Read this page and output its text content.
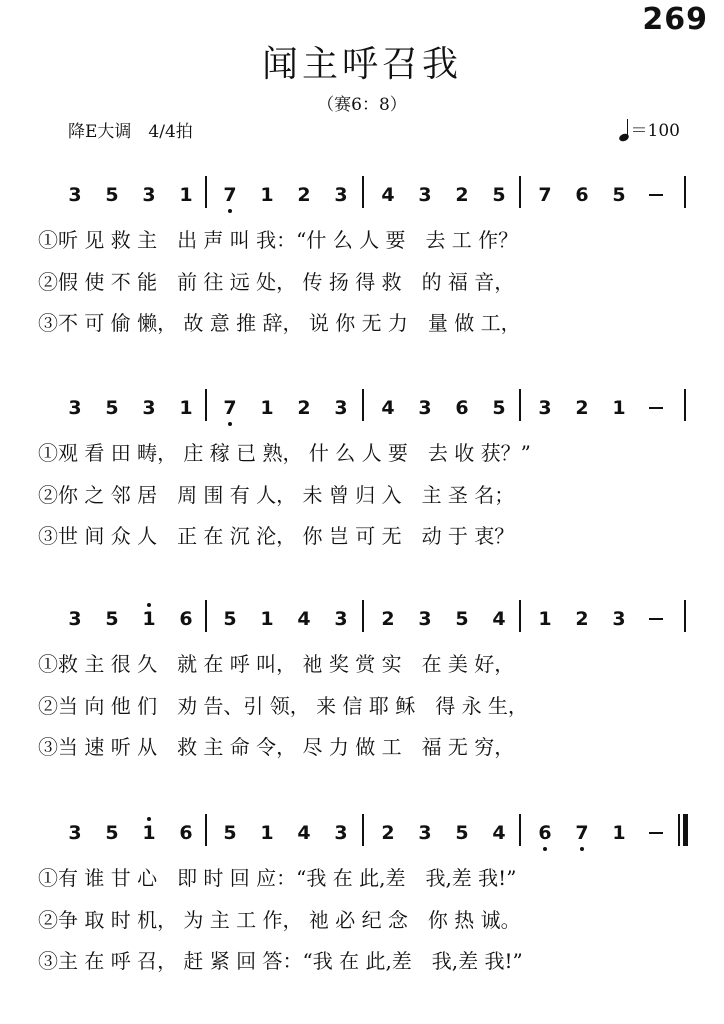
269
闻主呼召我
（赛6：8）
降E大调　4/4拍	＝100
3 5 3 1 7 1 2 3 4 3 2 5 7 6 5
①听 见 救 主　出 声 叫 我：“什 么 人 要　去 工 作？
②假 使 不 能　前 往 远 处， 传 扬 得 救　的 福 音，
③不 可 偷 懒， 故 意 推 辞， 说 你 无 力　量 做 工，
3 5 3 1 7 1 2 3 4 3 6 5 3 2 1
①观 看 田 畴， 庄 稼 已 熟， 什 么 人 要　去 收 获？”
②你 之 邻 居　周 围 有 人， 未 曾 归 入　主 圣 名；
③世 间 众 人　正 在 沉 沦， 你 岂 可 无　动 于 衷？
3 5 1 6 5 1 4 3 2 3 5 4 1 2 3
①救 主 很 久　就 在 呼 叫， 祂 奖 赏 实　在 美 好，
②当 向 他 们　劝 告、引 领， 来 信 耶 稣　得 永 生，
③当 速 听 从　救 主 命 令， 尽 力 做 工　福 无 穷，
3 5 1 6 5 1 4 3 2 3 5 4 6 7 1
①有 谁 甘 心　即 时 回 应：“我 在 此,差　我,差 我!”
②争 取 时 机， 为 主 工 作， 祂 必 纪 念　你 热 诚。
③主 在 呼 召， 赶 紧 回 答：“我 在 此,差　我,差 我!”
